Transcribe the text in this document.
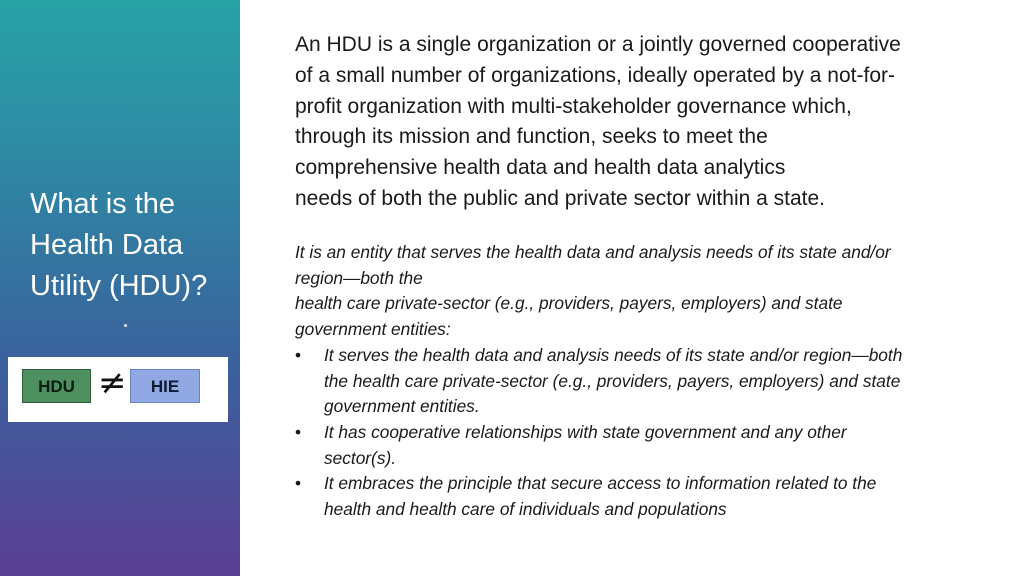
What is the Health Data Utility (HDU)?
HDU ≠	HIE
An HDU is a single organization or a jointly governed cooperative
of a small number of organizations, ideally operated by a not-for-
profit organization with multi-stakeholder governance which,
through its mission and function, seeks to meet the
comprehensive health data and health data analytics
needs of both the public and private sector within a state.
It is an entity that serves the health data and analysis needs of its state and/or
region—both the
health care private-sector (e.g., providers, payers, employers) and state
government entities:
• It serves the health data and analysis needs of its state and/or region—both
the health care private-sector (e.g., providers, payers, employers) and state
government entities.
• It has cooperative relationships with state government and any other
sector(s).
• It embraces the principle that secure access to information related to the
health and health care of individuals and populations
